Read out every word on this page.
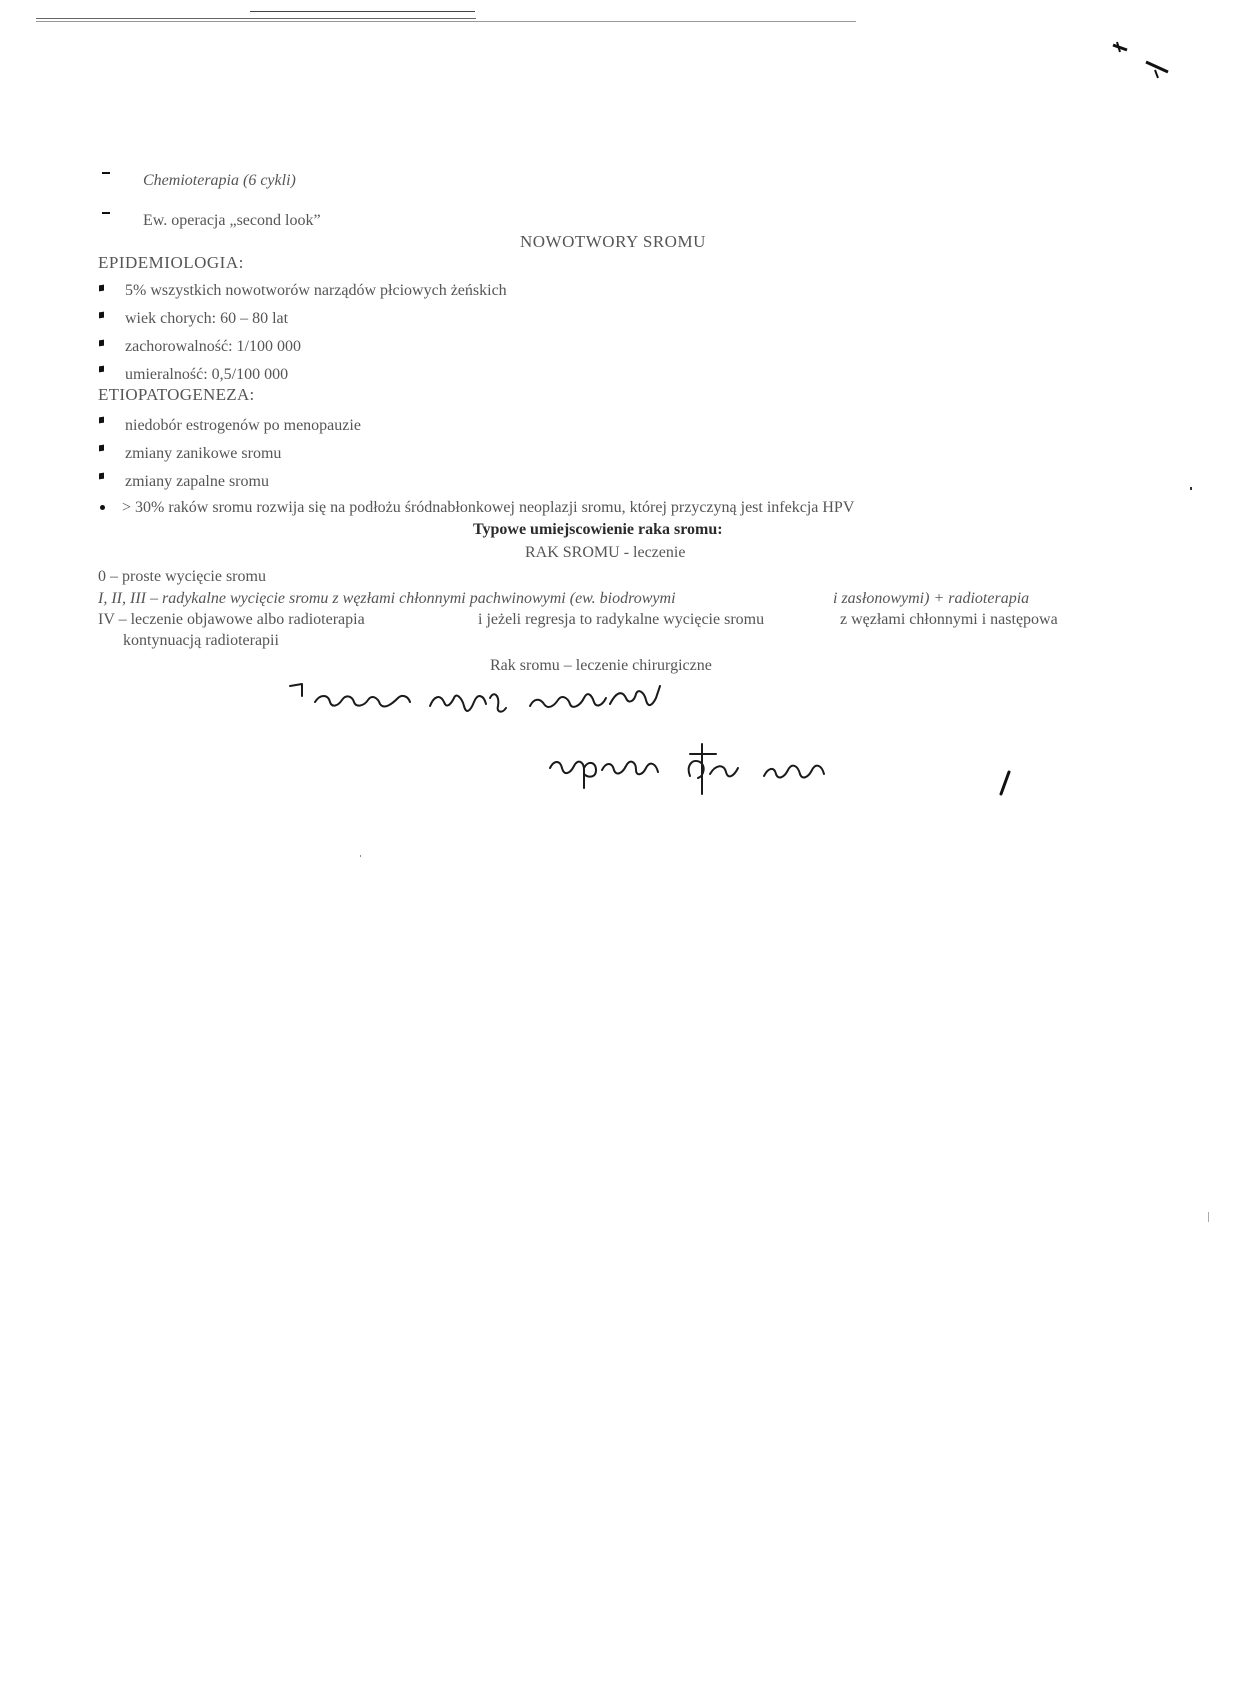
Chemioterapia (6 cykli)
Ew. operacja „second look”
NOWOTWORY SROMU
EPIDEMIOLOGIA:
5% wszystkich nowotworów narządów płciowych żeńskich
wiek chorych: 60 – 80 lat
zachorowalność: 1/100 000
umieralność: 0,5/100 000
ETIOPATOGENEZA:
niedobór estrogenów po menopauzie
zmiany zanikowe sromu
zmiany zapalne sromu
> 30% raków sromu rozwija się na podłożu śródnabłonkowej neoplazji sromu, której przyczyną jest infekcja HPV
Typowe umiejscowienie raka sromu:
RAK SROMU - leczenie
0 – proste wycięcie sromu
I, II, III – radykalne wycięcie sromu z węzłami chłonnymi pachwinowymi (ew. biodrowymi	i zasłonowymi) + radioterapia
IV – leczenie objawowe albo radioterapia	i jeżeli regresja to radykalne wycięcie sromu	z węzłami chłonnymi i następowa
kontynuacją radioterapii
Rak sromu – leczenie chirurgiczne
